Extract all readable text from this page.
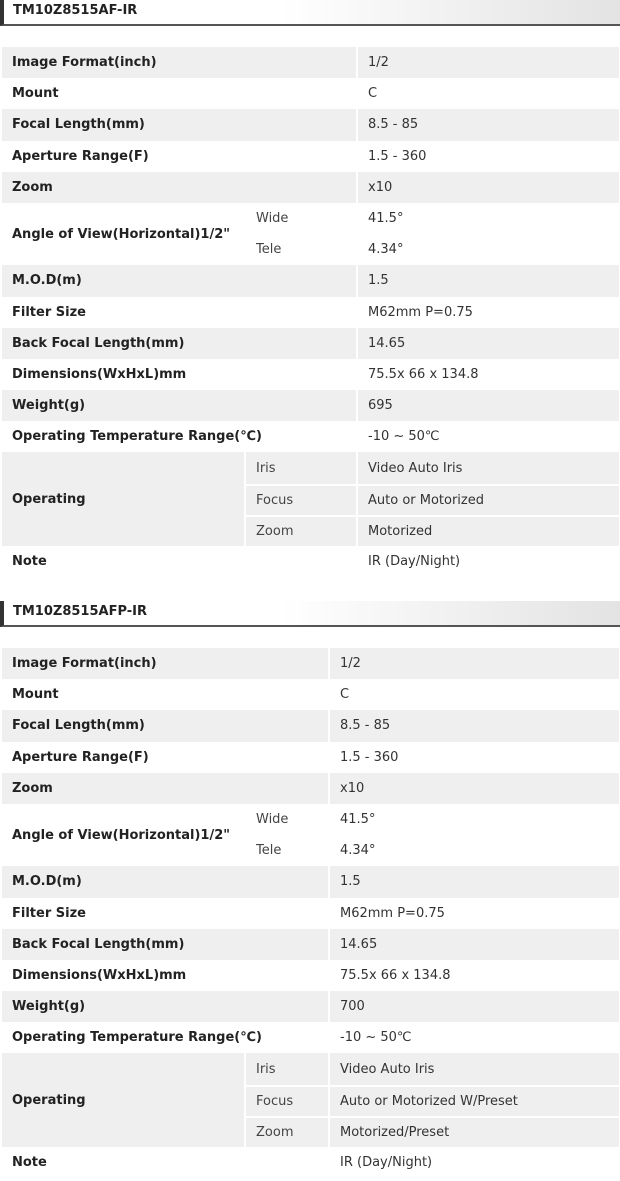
TM10Z8515AF-IR
Image Format(inch)		1/2
Mount		C
Focal Length(mm)		8.5 - 85
Aperture Range(F)		1.5 - 360
Zoom		x10
Angle of View(Horizontal)1/2"	Wide	41.5°
	Tele	4.34°
M.O.D(m)		1.5
Filter Size		M62mm P=0.75
Back Focal Length(mm)		14.65
Dimensions(WxHxL)mm		75.5x 66 x 134.8
Weight(g)		695
Operating Temperature Range(℃)		-10 ~ 50℃
Operating	Iris	Video Auto Iris
	Focus	Auto or Motorized
	Zoom	Motorized
Note		IR (Day/Night)
TM10Z8515AFP-IR
Image Format(inch)		1/2
Mount		C
Focal Length(mm)		8.5 - 85
Aperture Range(F)		1.5 - 360
Zoom		x10
Angle of View(Horizontal)1/2"	Wide	41.5°
	Tele	4.34°
M.O.D(m)		1.5
Filter Size		M62mm P=0.75
Back Focal Length(mm)		14.65
Dimensions(WxHxL)mm		75.5x 66 x 134.8
Weight(g)		700
Operating Temperature Range(℃)		-10 ~ 50℃
Operating	Iris	Video Auto Iris
	Focus	Auto or Motorized W/Preset
	Zoom	Motorized/Preset
Note		IR (Day/Night)
